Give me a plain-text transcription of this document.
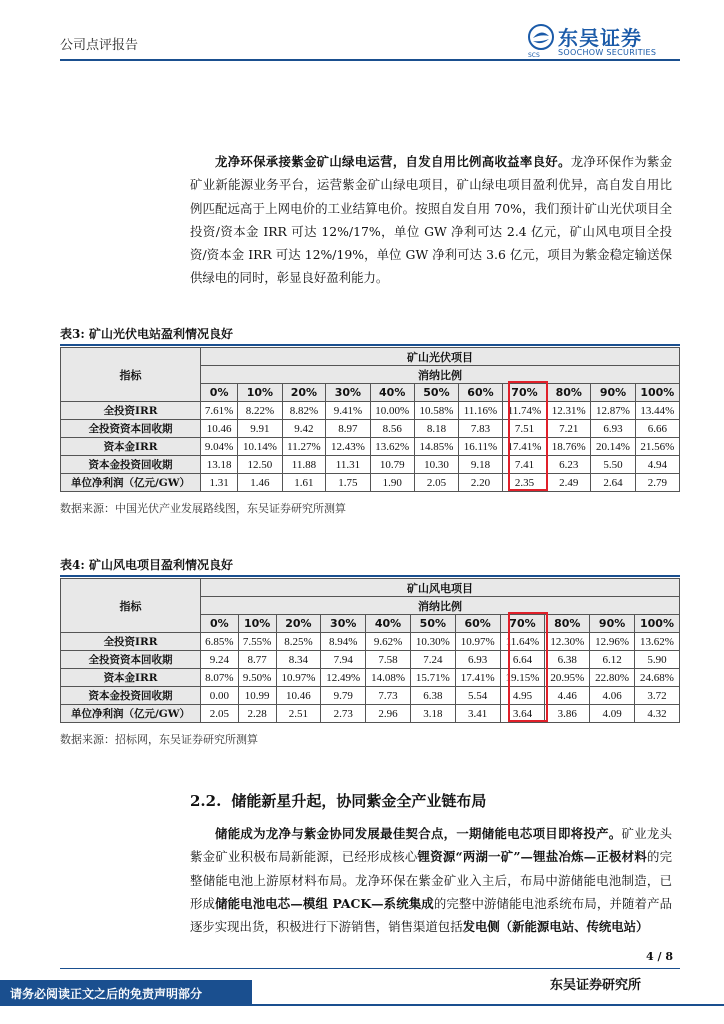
公司点评报告	东吴证券
SOOCHOW SECURITIES
SCS
龙净环保承接紫金矿山绿电运营，自发自用比例高收益率良好。龙净环保作为紫金矿业新能源业务平台，运营紫金矿山绿电项目，矿山绿电项目盈利优异，高自发自用比例匹配远高于上网电价的工业结算电价。按照自发自用 70%，我们预计矿山光伏项目全投资/资本金 IRR 可达 12%/17%，单位 GW 净利可达 2.4 亿元，矿山风电项目全投资/资本金 IRR 可达 12%/19%，单位 GW 净利可达 3.6 亿元，项目为紫金稳定输送保供绿电的同时，彰显良好盈利能力。
表3: 矿山光伏电站盈利情况良好
指标	矿山光伏项目										
	消纳比例										
	0%	10%	20%	30%	40%	50%	60%	70%	80%	90%	100%
全投资IRR	7.61%	8.22%	8.82%	9.41%	10.00%	10.58%	11.16%	11.74%	12.31%	12.87%	13.44%
全投资资本回收期	10.46	9.91	9.42	8.97	8.56	8.18	7.83	7.51	7.21	6.93	6.66
资本金IRR	9.04%	10.14%	11.27%	12.43%	13.62%	14.85%	16.11%	17.41%	18.76%	20.14%	21.56%
资本金投资回收期	13.18	12.50	11.88	11.31	10.79	10.30	9.18	7.41	6.23	5.50	4.94
单位净利润（亿元/GW）	1.31	1.46	1.61	1.75	1.90	2.05	2.20	2.35	2.49	2.64	2.79
数据来源：中国光伏产业发展路线图，东吴证券研究所测算
表4: 矿山风电项目盈利情况良好
指标	矿山风电项目										
	消纳比例										
	0%	10%	20%	30%	40%	50%	60%	70%	80%	90%	100%
全投资IRR	6.85%	7.55%	8.25%	8.94%	9.62%	10.30%	10.97%	11.64%	12.30%	12.96%	13.62%
全投资资本回收期	9.24	8.77	8.34	7.94	7.58	7.24	6.93	6.64	6.38	6.12	5.90
资本金IRR	8.07%	9.50%	10.97%	12.49%	14.08%	15.71%	17.41%	19.15%	20.95%	22.80%	24.68%
资本金投资回收期	0.00	10.99	10.46	9.79	7.73	6.38	5.54	4.95	4.46	4.06	3.72
单位净利润（亿元/GW）	2.05	2.28	2.51	2.73	2.96	3.18	3.41	3.64	3.86	4.09	4.32
数据来源：招标网，东吴证券研究所测算
2.2. 储能新星升起，协同紫金全产业链布局
储能成为龙净与紫金协同发展最佳契合点，一期储能电芯项目即将投产。矿业龙头紫金矿业积极布局新能源，已经形成核心锂资源“两湖一矿”—锂盐冶炼—正极材料的完整储能电池上游原材料布局。龙净环保在紫金矿业入主后，布局中游储能电池制造，已形成储能电池电芯—模组 PACK—系统集成的完整中游储能电池系统布局，并随着产品逐步实现出货，积极进行下游销售，销售渠道包括发电侧（新能源电站、传统电站）
4 / 8
东吴证券研究所
请务必阅读正文之后的免责声明部分
